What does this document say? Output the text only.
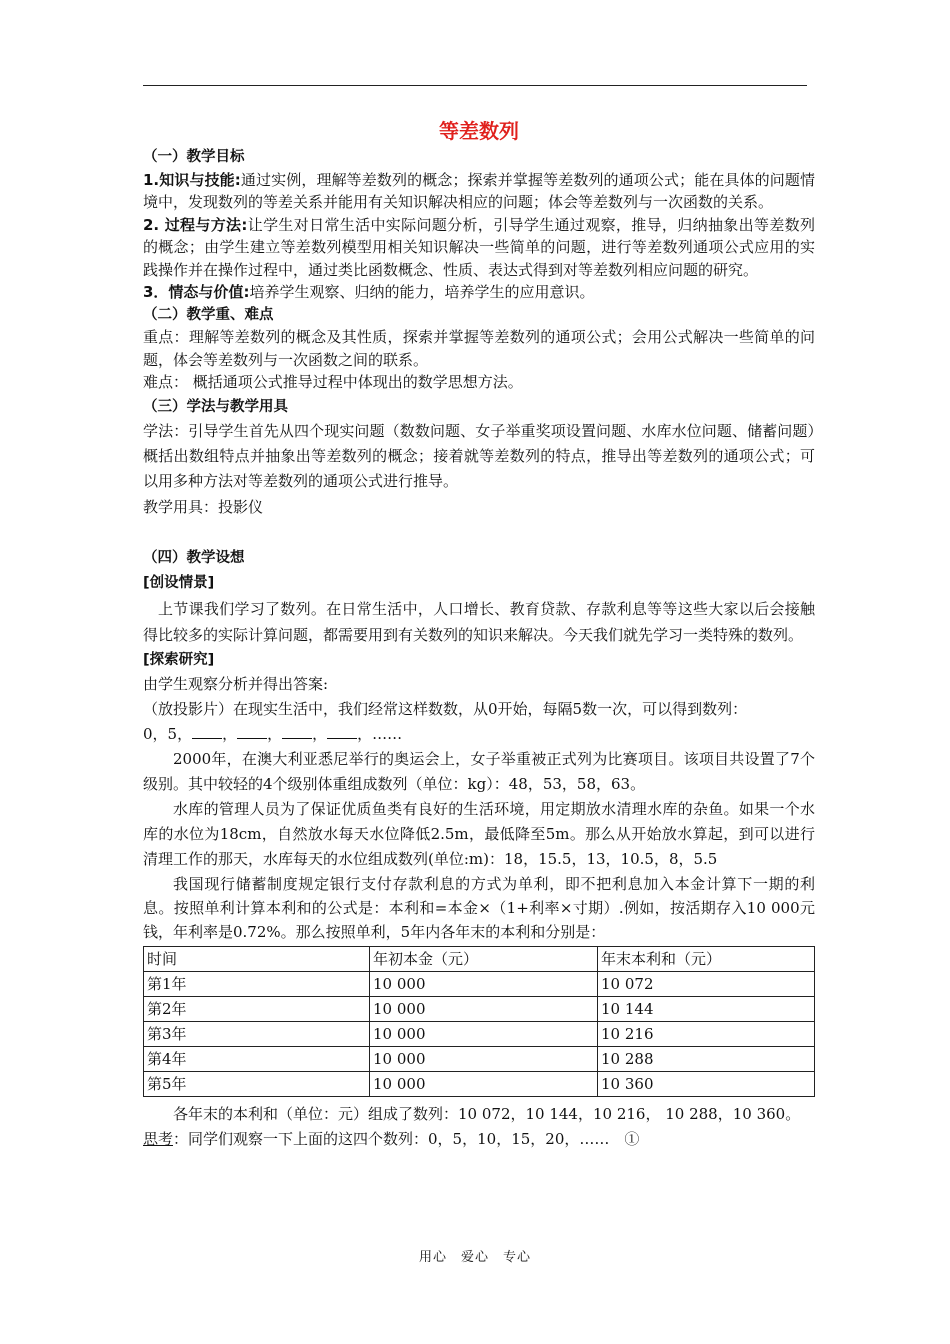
等差数列
（一）教学目标

1.知识与技能:通过实例，理解等差数列的概念；探索并掌握等差数列的通项公式；能在具体的问题情境中，发现数列的等差关系并能用有关知识解决相应的问题；体会等差数列与一次函数的关系。

2. 过程与方法:让学生对日常生活中实际问题分析，引导学生通过观察，推导，归纳抽象出等差数列的概念；由学生建立等差数列模型用相关知识解决一些简单的问题，进行等差数列通项公式应用的实践操作并在操作过程中，通过类比函数概念、性质、表达式得到对等差数列相应问题的研究。

3．情态与价值:培养学生观察、归纳的能力，培养学生的应用意识。

（二）教学重、难点

重点：理解等差数列的概念及其性质，探索并掌握等差数列的通项公式；会用公式解决一些简单的问题，体会等差数列与一次函数之间的联系。

难点： 概括通项公式推导过程中体现出的数学思想方法。

（三）学法与教学用具

学法：引导学生首先从四个现实问题（数数问题、女子举重奖项设置问题、水库水位问题、储蓄问题）概括出数组特点并抽象出等差数列的概念；接着就等差数列的特点，推导出等差数列的通项公式；可以用多种方法对等差数列的通项公式进行推导。

教学用具：投影仪

（四）教学设想
[创设情景]

上节课我们学习了数列。在日常生活中，人口增长、教育贷款、存款利息等等这些大家以后会接触得比较多的实际计算问题，都需要用到有关数列的知识来解决。今天我们就先学习一类特殊的数列。

[探索研究]

由学生观察分析并得出答案:

（放投影片）在现实生活中，我们经常这样数数，从0开始，每隔5数一次，可以得到数列：

0，5， ， ， ， ，……

2000年，在澳大利亚悉尼举行的奥运会上，女子举重被正式列为比赛项目。该项目共设置了7个级别。其中较轻的4个级别体重组成数列（单位：kg）：48，53，58，63。

水库的管理人员为了保证优质鱼类有良好的生活环境，用定期放水清理水库的杂鱼。如果一个水库的水位为18cm，自然放水每天水位降低2.5m，最低降至5m。那么从开始放水算起，到可以进行清理工作的那天，水库每天的水位组成数列(单位:m)：18，15.5，13，10.5，8，5.5

我国现行储蓄制度规定银行支付存款利息的方式为单利，即不把利息加入本金计算下一期的利息。按照单利计算本利和的公式是：本利和=本金×（1+利率×寸期）.例如，按活期存入10 000元钱，年利率是0.72%。那么按照单利，5年内各年末的本利和分别是：

时间	年初本金（元）	年末本利和（元）
第1年	10 000	10 072
第2年	10 000	10 144
第3年	10 000	10 216
第4年	10 000	10 288
第5年	10 000	10 360

各年末的本利和（单位：元）组成了数列：10 072，10 144，10 216， 10 288，10 360。

思考：同学们观察一下上面的这四个数列：0，5，10，15，20，……　①

用心　爱心　专心
